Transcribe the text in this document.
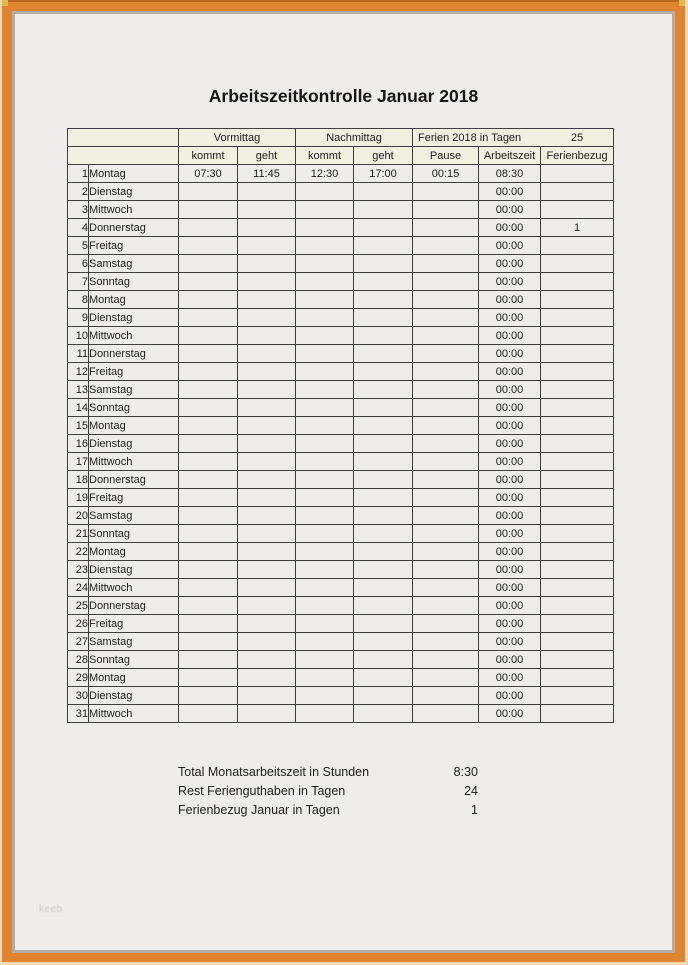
Arbeitszeitkontrolle Januar 2018
		Vormittag		Nachmittag		Ferien 2018 in Tagen 25		

		kommt	geht	kommt	geht	Pause	Arbeitszeit	Ferienbezug
1	Montag	07:30	11:45	12:30	17:00	00:15	08:30	
2	Dienstag						00:00	
3	Mittwoch						00:00	
4	Donnerstag						00:00	1
5	Freitag						00:00	
6	Samstag						00:00	
7	Sonntag						00:00	
8	Montag						00:00	
9	Dienstag						00:00	
10	Mittwoch						00:00	
11	Donnerstag						00:00	
12	Freitag						00:00	
13	Samstag						00:00	
14	Sonntag						00:00	
15	Montag						00:00	
16	Dienstag						00:00	
17	Mittwoch						00:00	
18	Donnerstag						00:00	
19	Freitag						00:00	
20	Samstag						00:00	
21	Sonntag						00:00	
22	Montag						00:00	
23	Dienstag						00:00	
24	Mittwoch						00:00	
25	Donnerstag						00:00	
26	Freitag						00:00	
27	Samstag						00:00	
28	Sonntag						00:00	
29	Montag						00:00	
30	Dienstag						00:00	
31	Mittwoch						00:00	
Total Monatsarbeitszeit in Stunden	8:30
Rest Ferienguthaben in Tagen	24
Ferienbezug Januar in Tagen	1
keeb
